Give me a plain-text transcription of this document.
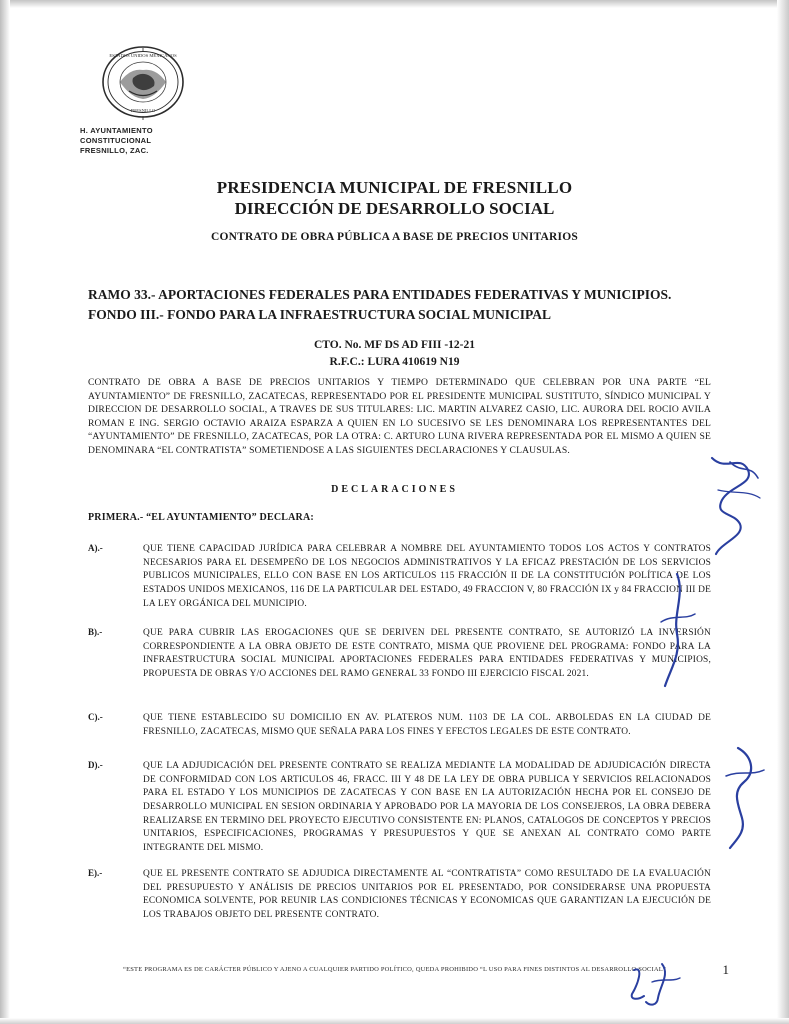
ESTADOS UNIDOS MEXICANOS
FRESNILLO
H. AYUNTAMIENTO
CONSTITUCIONAL
FRESNILLO, ZAC.
PRESIDENCIA MUNICIPAL DE FRESNILLO
DIRECCIÓN DE DESARROLLO SOCIAL
CONTRATO DE OBRA PÚBLICA A BASE DE PRECIOS UNITARIOS
RAMO 33.- APORTACIONES FEDERALES PARA ENTIDADES FEDERATIVAS Y MUNICIPIOS.
FONDO III.- FONDO PARA LA INFRAESTRUCTURA SOCIAL MUNICIPAL
CTO. No. MF DS AD FIII -12-21
R.F.C.: LURA 410619 N19
CONTRATO DE OBRA A BASE DE PRECIOS UNITARIOS Y TIEMPO DETERMINADO QUE CELEBRAN POR UNA PARTE “EL AYUNTAMIENTO” DE FRESNILLO, ZACATECAS, REPRESENTADO POR EL PRESIDENTE MUNICIPAL SUSTITUTO, SÍNDICO MUNICIPAL Y DIRECCION DE DESARROLLO SOCIAL, A TRAVES DE SUS TITULARES: LIC. MARTIN ALVAREZ CASIO, LIC. AURORA DEL ROCIO AVILA ROMAN E ING. SERGIO OCTAVIO ARAIZA ESPARZA A QUIEN EN LO SUCESIVO SE LES DENOMINARA LOS REPRESENTANTES DEL “AYUNTAMIENTO” DE FRESNILLO, ZACATECAS, POR LA OTRA: C. ARTURO LUNA RIVERA REPRESENTADA POR EL MISMO A QUIEN SE DENOMINARA “EL CONTRATISTA” SOMETIENDOSE A LAS SIGUIENTES DECLARACIONES Y CLAUSULAS.
DECLARACIONES
PRIMERA.- “EL AYUNTAMIENTO” DECLARA:
A).-	QUE TIENE CAPACIDAD JURÍDICA PARA CELEBRAR A NOMBRE DEL AYUNTAMIENTO TODOS LOS ACTOS Y CONTRATOS NECESARIOS PARA EL DESEMPEÑO DE LOS NEGOCIOS ADMINISTRATIVOS Y LA EFICAZ PRESTACIÓN DE LOS SERVICIOS PUBLICOS MUNICIPALES, ELLO CON BASE EN LOS ARTICULOS 115 FRACCIÓN II DE LA CONSTITUCIÓN POLÍTICA DE LOS ESTADOS UNIDOS MEXICANOS, 116 DE LA PARTICULAR DEL ESTADO, 49 FRACCION V, 80 FRACCIÓN IX y 84 FRACCION III DE LA LEY ORGÁNICA DEL MUNICIPIO.
B).-	QUE PARA CUBRIR LAS EROGACIONES QUE SE DERIVEN DEL PRESENTE CONTRATO, SE AUTORIZÓ LA INVERSIÓN CORRESPONDIENTE A LA OBRA OBJETO DE ESTE CONTRATO, MISMA QUE PROVIENE DEL PROGRAMA: FONDO PARA LA INFRAESTRUCTURA SOCIAL MUNICIPAL APORTACIONES FEDERALES PARA ENTIDADES FEDERATIVAS Y MUNICIPIOS, PROPUESTA DE OBRAS Y/O ACCIONES DEL RAMO GENERAL 33 FONDO III EJERCICIO FISCAL 2021.
C).-	QUE TIENE ESTABLECIDO SU DOMICILIO EN AV. PLATEROS NUM. 1103 DE LA COL. ARBOLEDAS EN LA CIUDAD DE FRESNILLO, ZACATECAS, MISMO QUE SEÑALA PARA LOS FINES Y EFECTOS LEGALES DE ESTE CONTRATO.
D).-	QUE LA ADJUDICACIÓN DEL PRESENTE CONTRATO SE REALIZA MEDIANTE LA MODALIDAD DE ADJUDICACIÓN DIRECTA DE CONFORMIDAD CON LOS ARTICULOS 46, FRACC. III Y 48 DE LA LEY DE OBRA PUBLICA Y SERVICIOS RELACIONADOS PARA EL ESTADO Y LOS MUNICIPIOS DE ZACATECAS Y CON BASE EN LA AUTORIZACIÓN HECHA POR EL CONSEJO DE DESARROLLO MUNICIPAL EN SESION ORDINARIA Y APROBADO POR LA MAYORIA DE LOS CONSEJEROS, LA OBRA DEBERA REALIZARSE EN TERMINO DEL PROYECTO EJECUTIVO CONSISTENTE EN: PLANOS, CATALOGOS DE CONCEPTOS Y PRECIOS UNITARIOS, ESPECIFICACIONES, PROGRAMAS Y PRESUPUESTOS Y QUE SE ANEXAN AL CONTRATO COMO PARTE INTEGRANTE DEL MISMO.
E).-	QUE EL PRESENTE CONTRATO SE ADJUDICA DIRECTAMENTE AL “CONTRATISTA” COMO RESULTADO DE LA EVALUACIÓN DEL PRESUPUESTO Y ANÁLISIS DE PRECIOS UNITARIOS POR EL PRESENTADO, POR CONSIDERARSE UNA PROPUESTA ECONOMICA SOLVENTE, POR REUNIR LAS CONDICIONES TÉCNICAS Y ECONOMICAS QUE GARANTIZAN LA EJECUCIÓN DE LOS TRABAJOS OBJETO DEL PRESENTE CONTRATO.
“ESTE PROGRAMA ES DE CARÁCTER PÚBLICO Y AJENO A CUALQUIER PARTIDO POLÍTICO, QUEDA PROHIBIDO “L USO PARA FINES DISTINTOS AL DESARROLLO SOCIAL”	1
